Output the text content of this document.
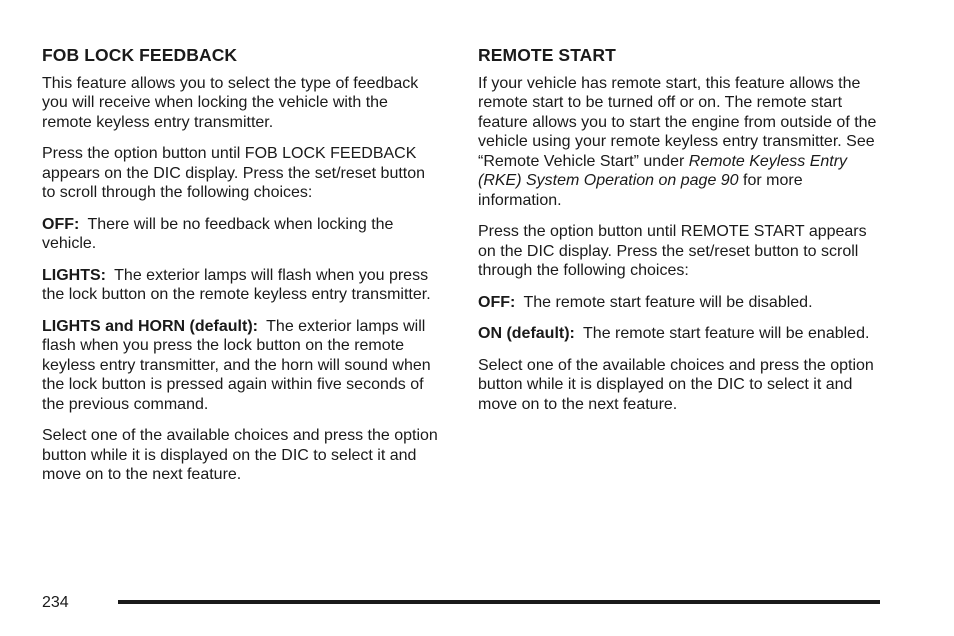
FOB LOCK FEEDBACK

This feature allows you to select the type of feedback you will receive when locking the vehicle with the remote keyless entry transmitter.

Press the option button until FOB LOCK FEEDBACK appears on the DIC display. Press the set/reset button to scroll through the following choices:

OFF: There will be no feedback when locking the vehicle.

LIGHTS: The exterior lamps will flash when you press the lock button on the remote keyless entry transmitter.

LIGHTS and HORN (default): The exterior lamps will flash when you press the lock button on the remote keyless entry transmitter, and the horn will sound when the lock button is pressed again within five seconds of the previous command.

Select one of the available choices and press the option button while it is displayed on the DIC to select it and move on to the next feature.

REMOTE START

If your vehicle has remote start, this feature allows the remote start to be turned off or on. The remote start feature allows you to start the engine from outside of the vehicle using your remote keyless entry transmitter. See “Remote Vehicle Start” under Remote Keyless Entry (RKE) System Operation on page 90 for more information.

Press the option button until REMOTE START appears on the DIC display. Press the set/reset button to scroll through the following choices:

OFF: The remote start feature will be disabled.

ON (default): The remote start feature will be enabled.

Select one of the available choices and press the option button while it is displayed on the DIC to select it and move on to the next feature.

234
